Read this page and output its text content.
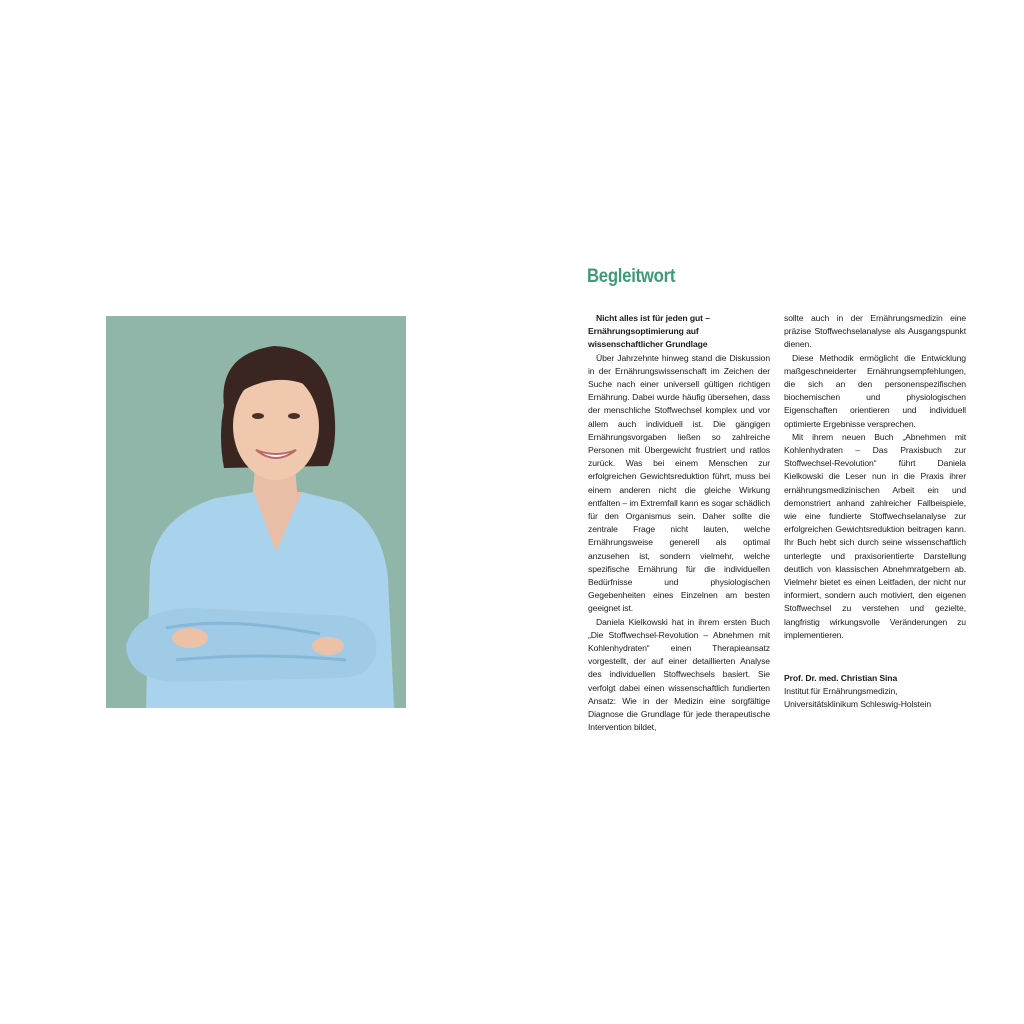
Begleitwort

Nicht alles ist für jeden gut – Ernährungsoptimierung auf wissenschaftlicher Grundlage

Über Jahrzehnte hinweg stand die Diskussion in der Ernährungswissenschaft im Zeichen der Suche nach einer universell gültigen richtigen Ernährung. Dabei wurde häufig übersehen, dass der menschliche Stoffwechsel komplex und vor allem auch individuell ist. Die gängigen Ernährungsvorgaben ließen so zahlreiche Personen mit Übergewicht frustriert und ratlos zurück. Was bei einem Menschen zur erfolgreichen Gewichtsreduktion führt, muss bei einem anderen nicht die gleiche Wirkung entfalten – im Extremfall kann es sogar schädlich für den Organismus sein. Daher sollte die zentrale Frage nicht lauten, welche Ernährungsweise generell als optimal anzusehen ist, sondern vielmehr, welche spezifische Ernährung für die individuellen Bedürfnisse und physiologischen Gegebenheiten eines Einzelnen am besten geeignet ist.

Daniela Kielkowski hat in ihrem ersten Buch „Die Stoffwechsel-Revolution – Abnehmen mit Kohlenhydraten“ einen Therapieansatz vorgestellt, der auf einer detaillierten Analyse des individuellen Stoffwechsels basiert. Sie verfolgt dabei einen wissenschaftlich fundierten Ansatz: Wie in der Medizin eine sorgfältige Diagnose die Grundlage für jede therapeutische Intervention bildet,

sollte auch in der Ernährungsmedizin eine präzise Stoffwechselanalyse als Ausgangspunkt dienen.

Diese Methodik ermöglicht die Entwicklung maßgeschneiderter Ernährungsempfehlungen, die sich an den personenspezifischen biochemischen und physiologischen Eigenschaften orientieren und individuell optimierte Ergebnisse versprechen.

Mit ihrem neuen Buch „Abnehmen mit Kohlenhydraten – Das Praxisbuch zur Stoffwechsel-Revolution“ führt Daniela Kielkowski die Leser nun in die Praxis ihrer ernährungsmedizinischen Arbeit ein und demonstriert anhand zahlreicher Fallbeispiele, wie eine fundierte Stoffwechselanalyse zur erfolgreichen Gewichtsreduktion beitragen kann. Ihr Buch hebt sich durch seine wissenschaftlich unterlegte und praxisorientierte Darstellung deutlich von klassischen Abnehmratgebern ab. Vielmehr bietet es einen Leitfaden, der nicht nur informiert, sondern auch motiviert, den eigenen Stoffwechsel zu verstehen und gezielte, langfristig wirkungsvolle Veränderungen zu implementieren.

Prof. Dr. med. Christian Sina
Institut für Ernährungsmedizin,
Universitätsklinikum Schleswig-Holstein
